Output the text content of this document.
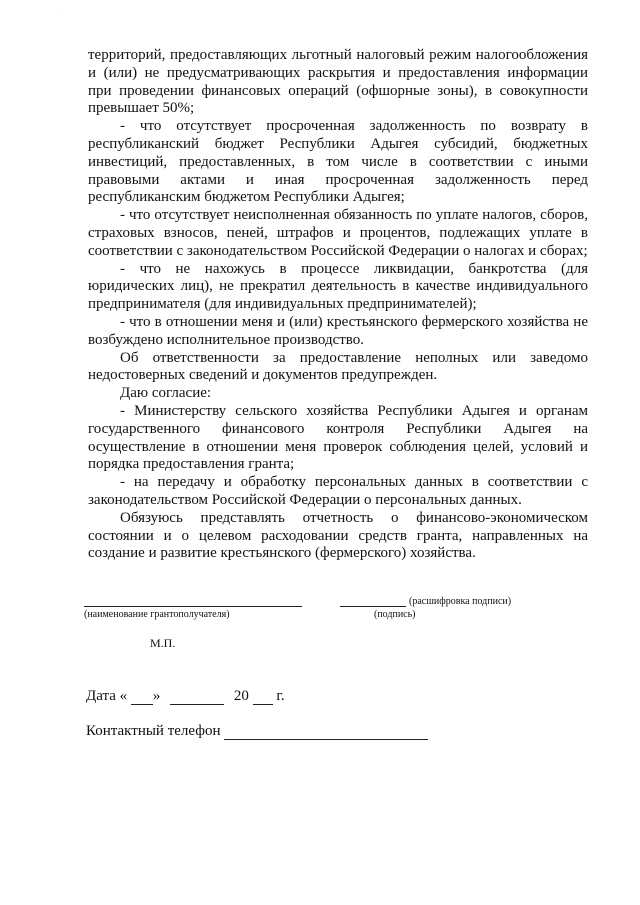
·

территорий, предоставляющих льготный налоговый режим налогообложения и (или) не предусматривающих раскрытия и предоставления информации при проведении финансовых операций (офшорные зоны), в совокупности превышает 50%;

- что отсутствует просроченная задолженность по возврату в республиканский бюджет Республики Адыгея субсидий, бюджетных инвестиций, предоставленных, в том числе в соответствии с иными правовыми актами и иная просроченная задолженность перед республиканским бюджетом Республики Адыгея;

- что отсутствует неисполненная обязанность по уплате налогов, сборов, страховых взносов, пеней, штрафов и процентов, подлежащих уплате в соответствии с законодательством Российской Федерации о налогах и сборах;

- что не нахожусь в процессе ликвидации, банкротства (для юридических лиц), не прекратил деятельность в качестве индивидуального предпринимателя (для индивидуальных предпринимателей);

- что в отношении меня и (или) крестьянского фермерского хозяйства не возбуждено исполнительное производство.

Об ответственности за предоставление неполных или заведомо недостоверных сведений и документов предупрежден.

Даю согласие:

- Министерству сельского хозяйства Республики Адыгея и органам государственного финансового контроля Республики Адыгея на осуществление в отношении меня проверок соблюдения целей, условий и порядка предоставления гранта;

- на передачу и обработку персональных данных в соответствии с законодательством Российской Федерации о персональных данных.

Обязуюсь представлять отчетность о финансово-экономическом состоянии и о целевом расходовании средств гранта, направленных на создание и развитие крестьянского (фермерского) хозяйства.

(наименование грантополучателя)	(подпись)
(расшифровка подписи)
М.П.
Дата « »	20 г.
Контактный телефон
